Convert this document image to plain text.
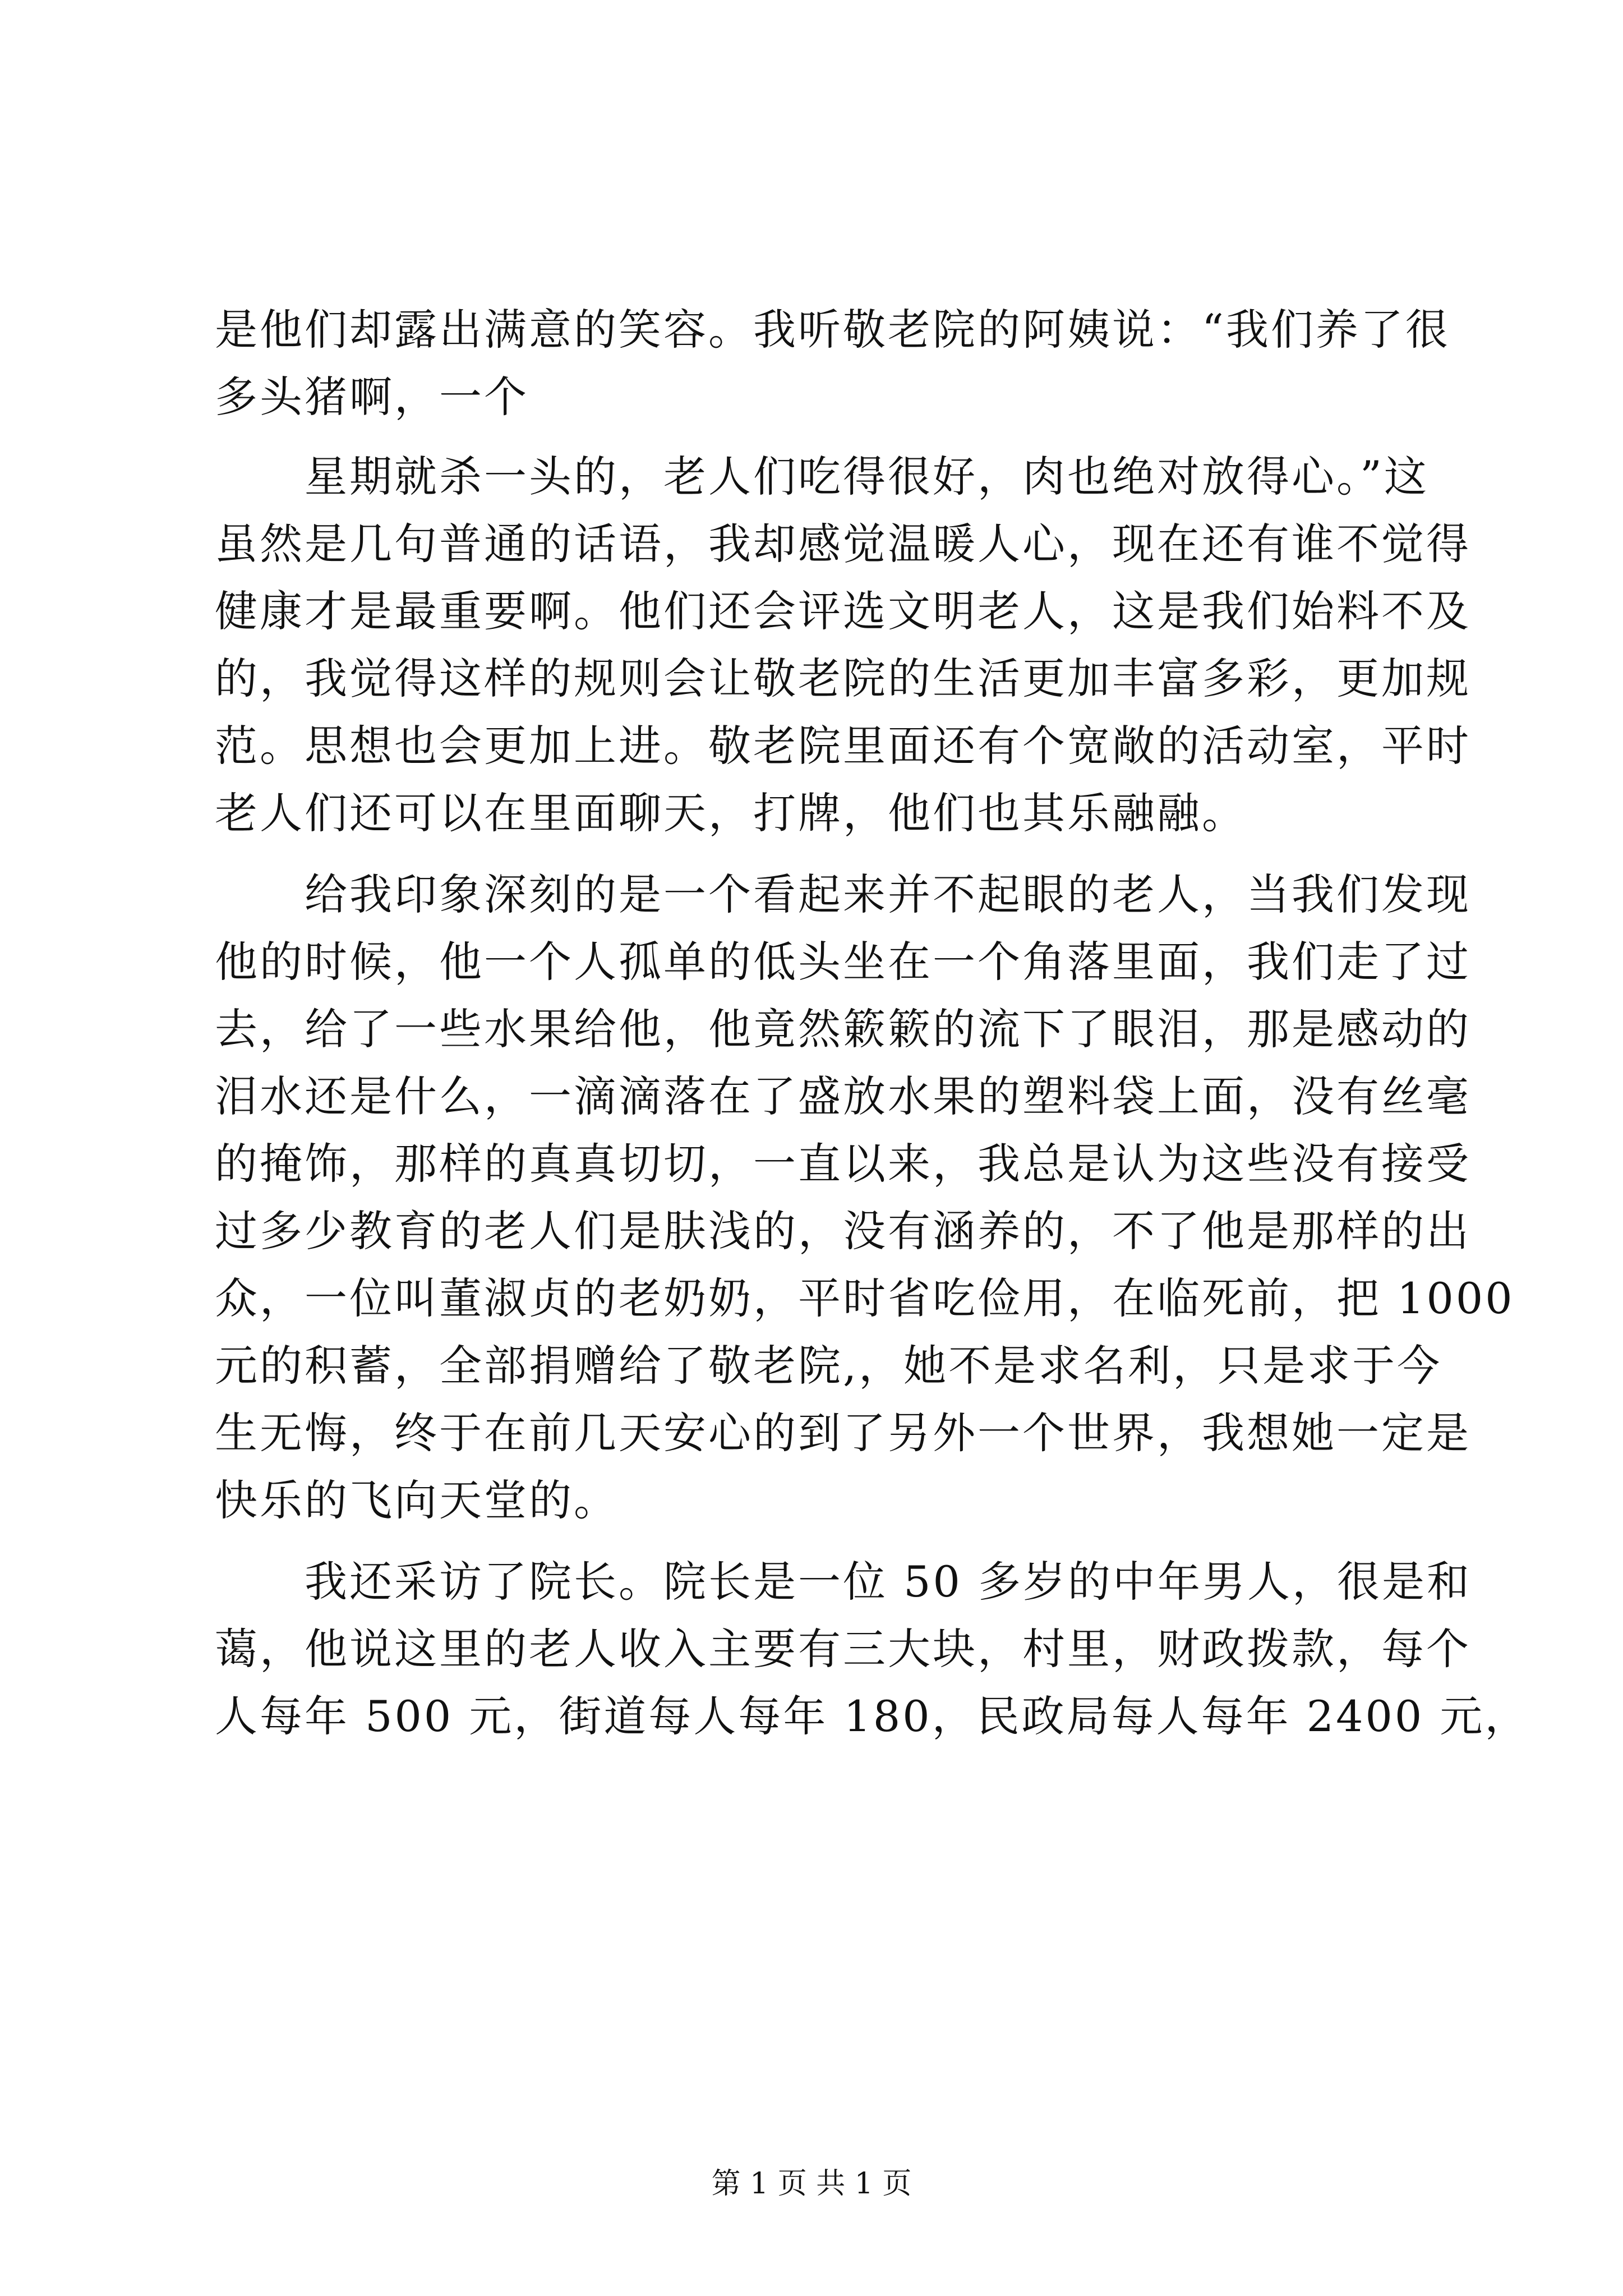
是他们却露出满意的笑容。我听敬老院的阿姨说：“我们养了很
多头猪啊，一个
星期就杀一头的，老人们吃得很好，肉也绝对放得心。”这
虽然是几句普通的话语，我却感觉温暖人心，现在还有谁不觉得
健康才是最重要啊。他们还会评选文明老人，这是我们始料不及
的，我觉得这样的规则会让敬老院的生活更加丰富多彩，更加规
范。思想也会更加上进。敬老院里面还有个宽敞的活动室，平时
老人们还可以在里面聊天，打牌，他们也其乐融融。
给我印象深刻的是一个看起来并不起眼的老人，当我们发现
他的时候，他一个人孤单的低头坐在一个角落里面，我们走了过
去，给了一些水果给他，他竟然簌簌的流下了眼泪，那是感动的
泪水还是什么，一滴滴落在了盛放水果的塑料袋上面，没有丝毫
的掩饰，那样的真真切切，一直以来，我总是认为这些没有接受
过多少教育的老人们是肤浅的，没有涵养的，不了他是那样的出
众，一位叫董淑贞的老奶奶，平时省吃俭用，在临死前，把 1000
元的积蓄，全部捐赠给了敬老院,，她不是求名利，只是求于今
生无悔，终于在前几天安心的到了另外一个世界，我想她一定是
快乐的飞向天堂的。
我还采访了院长。院长是一位 50 多岁的中年男人，很是和
蔼，他说这里的老人收入主要有三大块，村里，财政拨款，每个
人每年 500 元，街道每人每年 180，民政局每人每年 2400 元，
第 1 页 共 1 页
